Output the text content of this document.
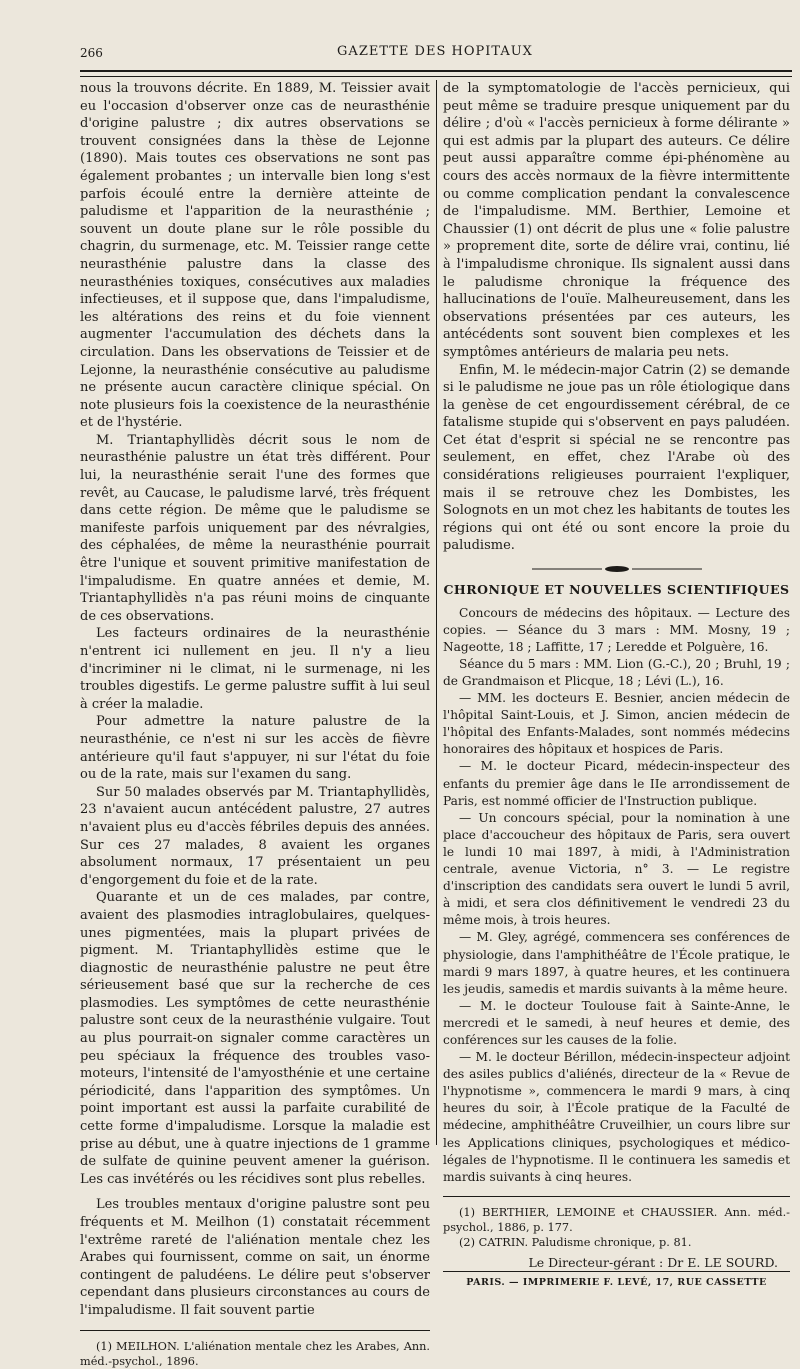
266	GAZETTE DES HOPITAUX

nous la trouvons décrite. En 1889, M. Teissier avait eu l'occasion d'observer onze cas de neurasthénie d'origine palustre ; dix autres observations se trouvent consignées dans la thèse de Lejonne (1890). Mais toutes ces observations ne sont pas également probantes ; un intervalle bien long s'est parfois écoulé entre la dernière atteinte de paludisme et l'apparition de la neurasthénie ; souvent un doute plane sur le rôle possible du chagrin, du surmenage, etc. M. Teissier range cette neurasthénie palustre dans la classe des neurasthénies toxiques, consécutives aux maladies infectieuses, et il suppose que, dans l'impaludisme, les altérations des reins et du foie viennent augmenter l'accumulation des déchets dans la circulation. Dans les observations de Teissier et de Lejonne, la neurasthénie consécutive au paludisme ne présente aucun caractère clinique spécial. On note plusieurs fois la coexistence de la neurasthénie et de l'hystérie.

M. Triantaphyllidès décrit sous le nom de neurasthénie palustre un état très différent. Pour lui, la neurasthénie serait l'une des formes que revêt, au Caucase, le paludisme larvé, très fréquent dans cette région. De même que le paludisme se manifeste parfois uniquement par des névralgies, des céphalées, de même la neurasthénie pourrait être l'unique et souvent primitive manifestation de l'impaludisme. En quatre années et demie, M. Triantaphyllidès n'a pas réuni moins de cinquante de ces observations.

Les facteurs ordinaires de la neurasthénie n'entrent ici nullement en jeu. Il n'y a lieu d'incriminer ni le climat, ni le surmenage, ni les troubles digestifs. Le germe palustre suffit à lui seul à créer la maladie.

Pour admettre la nature palustre de la neurasthénie, ce n'est ni sur les accès de fièvre antérieure qu'il faut s'appuyer, ni sur l'état du foie ou de la rate, mais sur l'examen du sang.

Sur 50 malades observés par M. Triantaphyllidès, 23 n'avaient aucun antécédent palustre, 27 autres n'avaient plus eu d'accès fébriles depuis des années. Sur ces 27 malades, 8 avaient les organes absolument normaux, 17 présentaient un peu d'engorgement du foie et de la rate.

Quarante et un de ces malades, par contre, avaient des plasmodies intraglobulaires, quelques-unes pigmentées, mais la plupart privées de pigment. M. Triantaphyllidès estime que le diagnostic de neurasthénie palustre ne peut être sérieusement basé que sur la recherche de ces plasmodies. Les symptômes de cette neurasthénie palustre sont ceux de la neurasthénie vulgaire. Tout au plus pourrait-on signaler comme caractères un peu spéciaux la fréquence des troubles vaso-moteurs, l'intensité de l'amyosthénie et une certaine périodicité, dans l'apparition des symptômes. Un point important est aussi la parfaite curabilité de cette forme d'impaludisme. Lorsque la maladie est prise au début, une à quatre injections de 1 gramme de sulfate de quinine peuvent amener la guérison. Les cas invétérés ou les récidives sont plus rebelles.

Les troubles mentaux d'origine palustre sont peu fréquents et M. Meilhon (1) constatait récemment l'extrême rareté de l'aliénation mentale chez les Arabes qui fournissent, comme on sait, un énorme contingent de paludéens. Le délire peut s'observer cependant dans plusieurs circonstances au cours de l'impaludisme. Il fait souvent partie

(1) MEILHON. L'aliénation mentale chez les Arabes, Ann. méd.-psychol., 1896.

de la symptomatologie de l'accès pernicieux, qui peut même se traduire presque uniquement par du délire ; d'où « l'accès pernicieux à forme délirante » qui est admis par la plupart des auteurs. Ce délire peut aussi apparaître comme épi-phénomène au cours des accès normaux de la fièvre intermittente ou comme complication pendant la convalescence de l'impaludisme. MM. Berthier, Lemoine et Chaussier (1) ont décrit de plus une « folie palustre » proprement dite, sorte de délire vrai, continu, lié à l'impaludisme chronique. Ils signalent aussi dans le paludisme chronique la fréquence des hallucinations de l'ouïe. Malheureusement, dans les observations présentées par ces auteurs, les antécédents sont souvent bien complexes et les symptômes antérieurs de malaria peu nets.

Enfin, M. le médecin-major Catrin (2) se demande si le paludisme ne joue pas un rôle étiologique dans la genèse de cet engourdissement cérébral, de ce fatalisme stupide qui s'observent en pays paludéen. Cet état d'esprit si spécial ne se rencontre pas seulement, en effet, chez l'Arabe où des considérations religieuses pourraient l'expliquer, mais il se retrouve chez les Dombistes, les Solognots en un mot chez les habitants de toutes les régions qui ont été ou sont encore la proie du paludisme.

CHRONIQUE ET NOUVELLES SCIENTIFIQUES

Concours de médecins des hôpitaux. — Lecture des copies. — Séance du 3 mars : MM. Mosny, 19 ; Nageotte, 18 ; Laffitte, 17 ; Leredde et Polguère, 16.

Séance du 5 mars : MM. Lion (G.-C.), 20 ; Bruhl, 19 ; de Grandmaison et Plicque, 18 ; Lévi (L.), 16.

— MM. les docteurs E. Besnier, ancien médecin de l'hôpital Saint-Louis, et J. Simon, ancien médecin de l'hôpital des Enfants-Malades, sont nommés médecins honoraires des hôpitaux et hospices de Paris.

— M. le docteur Picard, médecin-inspecteur des enfants du premier âge dans le IIe arrondissement de Paris, est nommé officier de l'Instruction publique.

— Un concours spécial, pour la nomination à une place d'accoucheur des hôpitaux de Paris, sera ouvert le lundi 10 mai 1897, à midi, à l'Administration centrale, avenue Victoria, n° 3. — Le registre d'inscription des candidats sera ouvert le lundi 5 avril, à midi, et sera clos définitivement le vendredi 23 du même mois, à trois heures.

— M. Gley, agrégé, commencera ses conférences de physiologie, dans l'amphithéâtre de l'École pratique, le mardi 9 mars 1897, à quatre heures, et les continuera les jeudis, samedis et mardis suivants à la même heure.

— M. le docteur Toulouse fait à Sainte-Anne, le mercredi et le samedi, à neuf heures et demie, des conférences sur les causes de la folie.

— M. le docteur Bérillon, médecin-inspecteur adjoint des asiles publics d'aliénés, directeur de la « Revue de l'hypnotisme », commencera le mardi 9 mars, à cinq heures du soir, à l'École pratique de la Faculté de médecine, amphithéâtre Cruveilhier, un cours libre sur les Applications cliniques, psychologiques et médico-légales de l'hypnotisme. Il le continuera les samedis et mardis suivants à cinq heures.

(1) BERTHIER, LEMOINE et CHAUSSIER. Ann. méd.-psychol., 1886, p. 177.

(2) CATRIN. Paludisme chronique, p. 81.

Le Directeur-gérant : Dr E. LE SOURD.
PARIS. — IMPRIMERIE F. LEVÉ, 17, RUE CASSETTE
